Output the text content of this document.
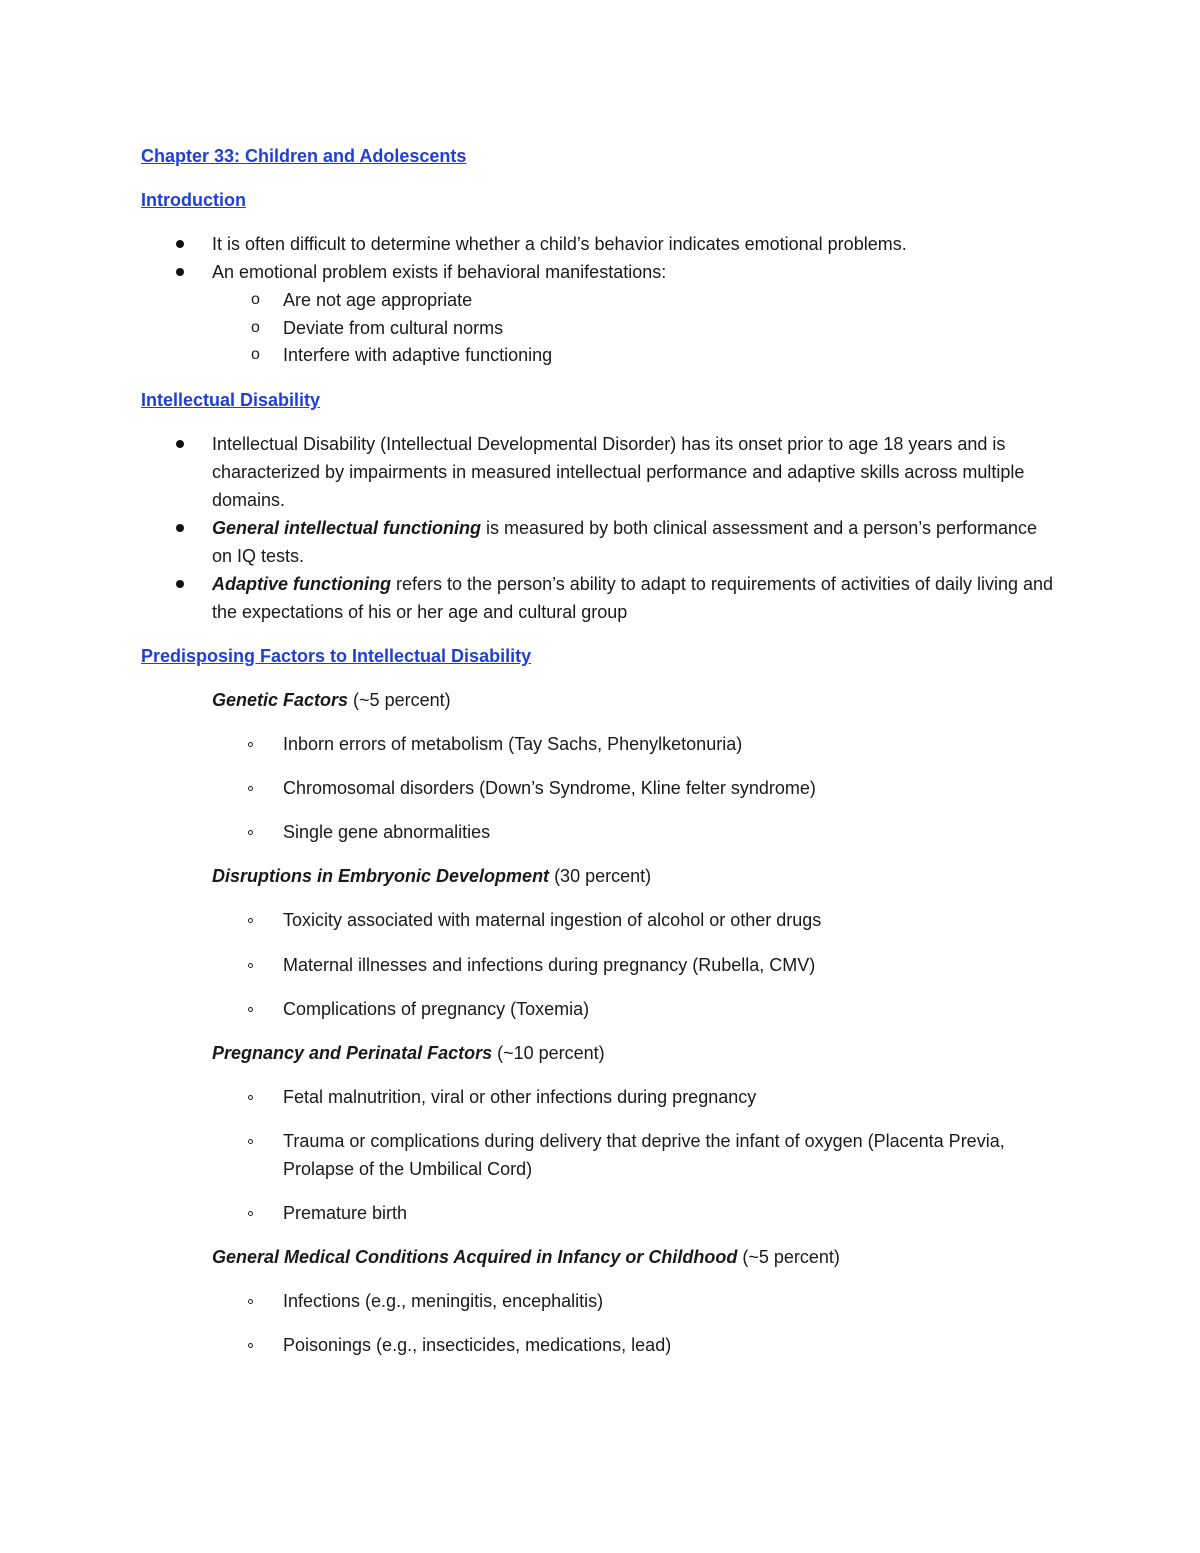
Chapter 33: Children and Adolescents

Introduction

It is often difficult to determine whether a child’s behavior indicates emotional problems.

An emotional problem exists if behavioral manifestations:

o Are not age appropriate

o Deviate from cultural norms

o Interfere with adaptive functioning

Intellectual Disability

Intellectual Disability (Intellectual Developmental Disorder) has its onset prior to age 18 years and is characterized by impairments in measured intellectual performance and adaptive skills across multiple domains.

General intellectual functioning is measured by both clinical assessment and a person’s performance on IQ tests.

Adaptive functioning refers to the person’s ability to adapt to requirements of activities of daily living and the expectations of his or her age and cultural group

Predisposing Factors to Intellectual Disability

Genetic Factors (~5 percent)

Inborn errors of metabolism (Tay Sachs, Phenylketonuria)

Chromosomal disorders (Down’s Syndrome, Kline felter syndrome)

Single gene abnormalities

Disruptions in Embryonic Development (30 percent)

Toxicity associated with maternal ingestion of alcohol or other drugs

Maternal illnesses and infections during pregnancy (Rubella, CMV)

Complications of pregnancy (Toxemia)

Pregnancy and Perinatal Factors (~10 percent)

Fetal malnutrition, viral or other infections during pregnancy

Trauma or complications during delivery that deprive the infant of oxygen (Placenta Previa, Prolapse of the Umbilical Cord)

Premature birth

General Medical Conditions Acquired in Infancy or Childhood (~5 percent)

Infections (e.g., meningitis, encephalitis)

Poisonings (e.g., insecticides, medications, lead)
